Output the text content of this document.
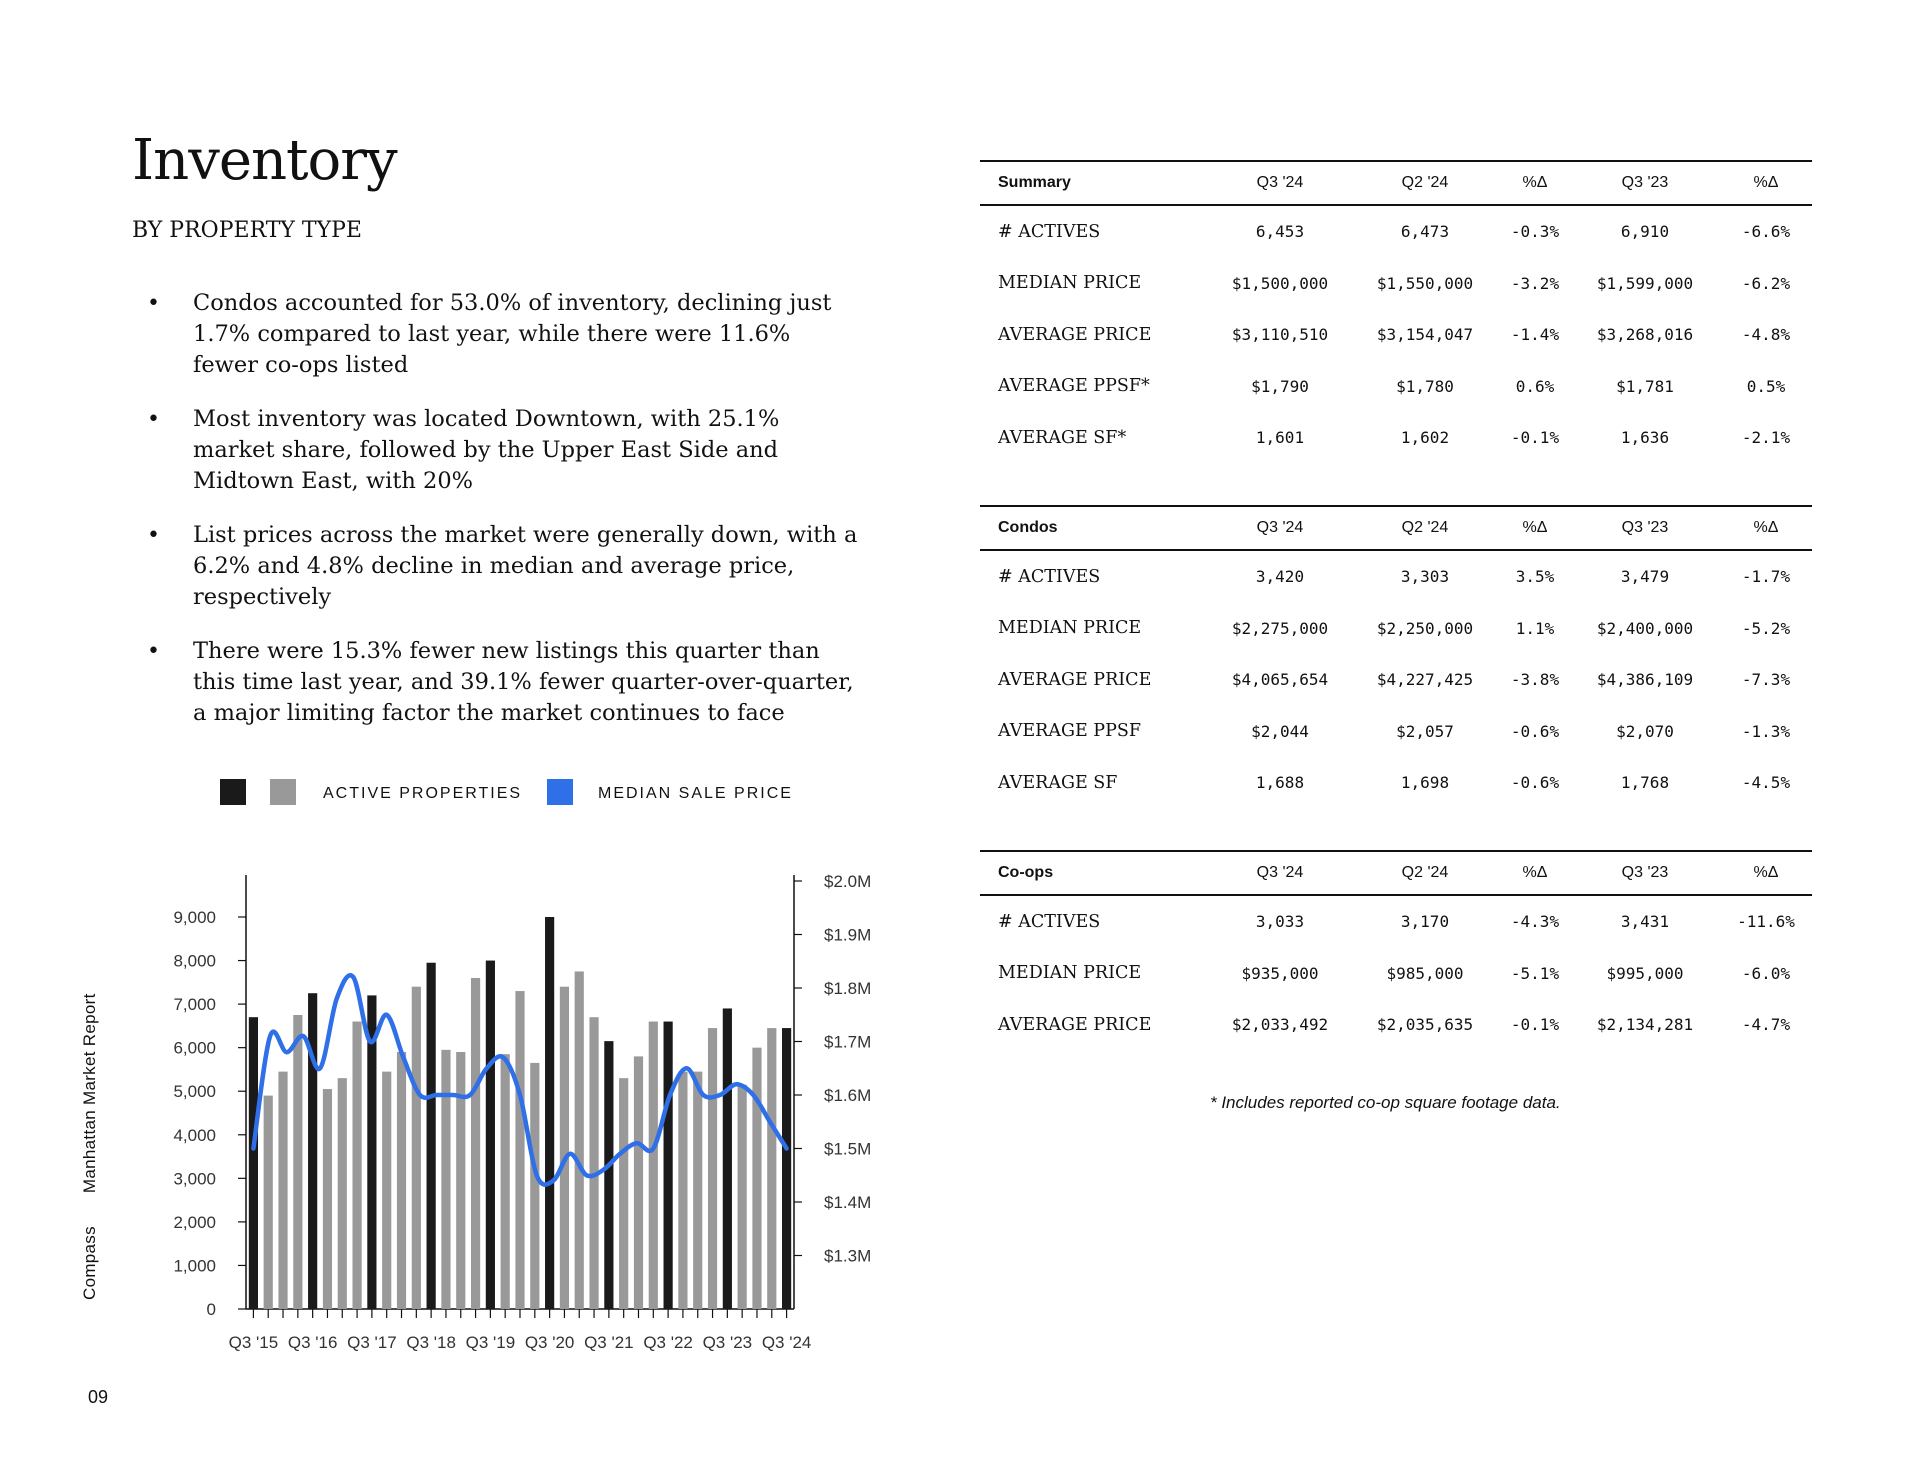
Inventory
BY PROPERTY TYPE
• Condos accounted for 53.0% of inventory, declining just 1.7% compared to last year, while there were 11.6% fewer co-ops listed
• Most inventory was located Downtown, with 25.1% market share, followed by the Upper East Side and Midtown East, with 20%
• List prices across the market were generally down, with a 6.2% and 4.8% decline in median and average price, respectively
• There were 15.3% fewer new listings this quarter than this time last year, and 39.1% fewer quarter-over-quarter, a major limiting factor the market continues to face
ACTIVE PROPERTIES	MEDIAN SALE PRICE
0
1,000
2,000
3,000
4,000
5,000
6,000
7,000
8,000
9,000
$1.3M
$1.4M
$1.5M
$1.6M
$1.7M
$1.8M
$1.9M
$2.0M
Q3 '15 Q3 '16 Q3 '17 Q3 '18 Q3 '19 Q3 '20 Q3 '21 Q3 '22 Q3 '23 Q3 '24
Compass Manhattan Market Report
09
Summary	Q3 '24	Q2 '24	%Δ	Q3 '23	%Δ
# ACTIVES	6,453	6,473	-0.3%	6,910	-6.6%
MEDIAN PRICE	$1,500,000	$1,550,000	-3.2%	$1,599,000	-6.2%
AVERAGE PRICE	$3,110,510	$3,154,047	-1.4%	$3,268,016	-4.8%
AVERAGE PPSF*	$1,790	$1,780	0.6%	$1,781	0.5%
AVERAGE SF*	1,601	1,602	-0.1%	1,636	-2.1%
Condos	Q3 '24	Q2 '24	%Δ	Q3 '23	%Δ
# ACTIVES	3,420	3,303	3.5%	3,479	-1.7%
MEDIAN PRICE	$2,275,000	$2,250,000	1.1%	$2,400,000	-5.2%
AVERAGE PRICE	$4,065,654	$4,227,425	-3.8%	$4,386,109	-7.3%
AVERAGE PPSF	$2,044	$2,057	-0.6%	$2,070	-1.3%
AVERAGE SF	1,688	1,698	-0.6%	1,768	-4.5%
Co-ops	Q3 '24	Q2 '24	%Δ	Q3 '23	%Δ
# ACTIVES	3,033	3,170	-4.3%	3,431	-11.6%
MEDIAN PRICE	$935,000	$985,000	-5.1%	$995,000	-6.0%
AVERAGE PRICE	$2,033,492	$2,035,635	-0.1%	$2,134,281	-4.7%
* Includes reported co-op square footage data.
